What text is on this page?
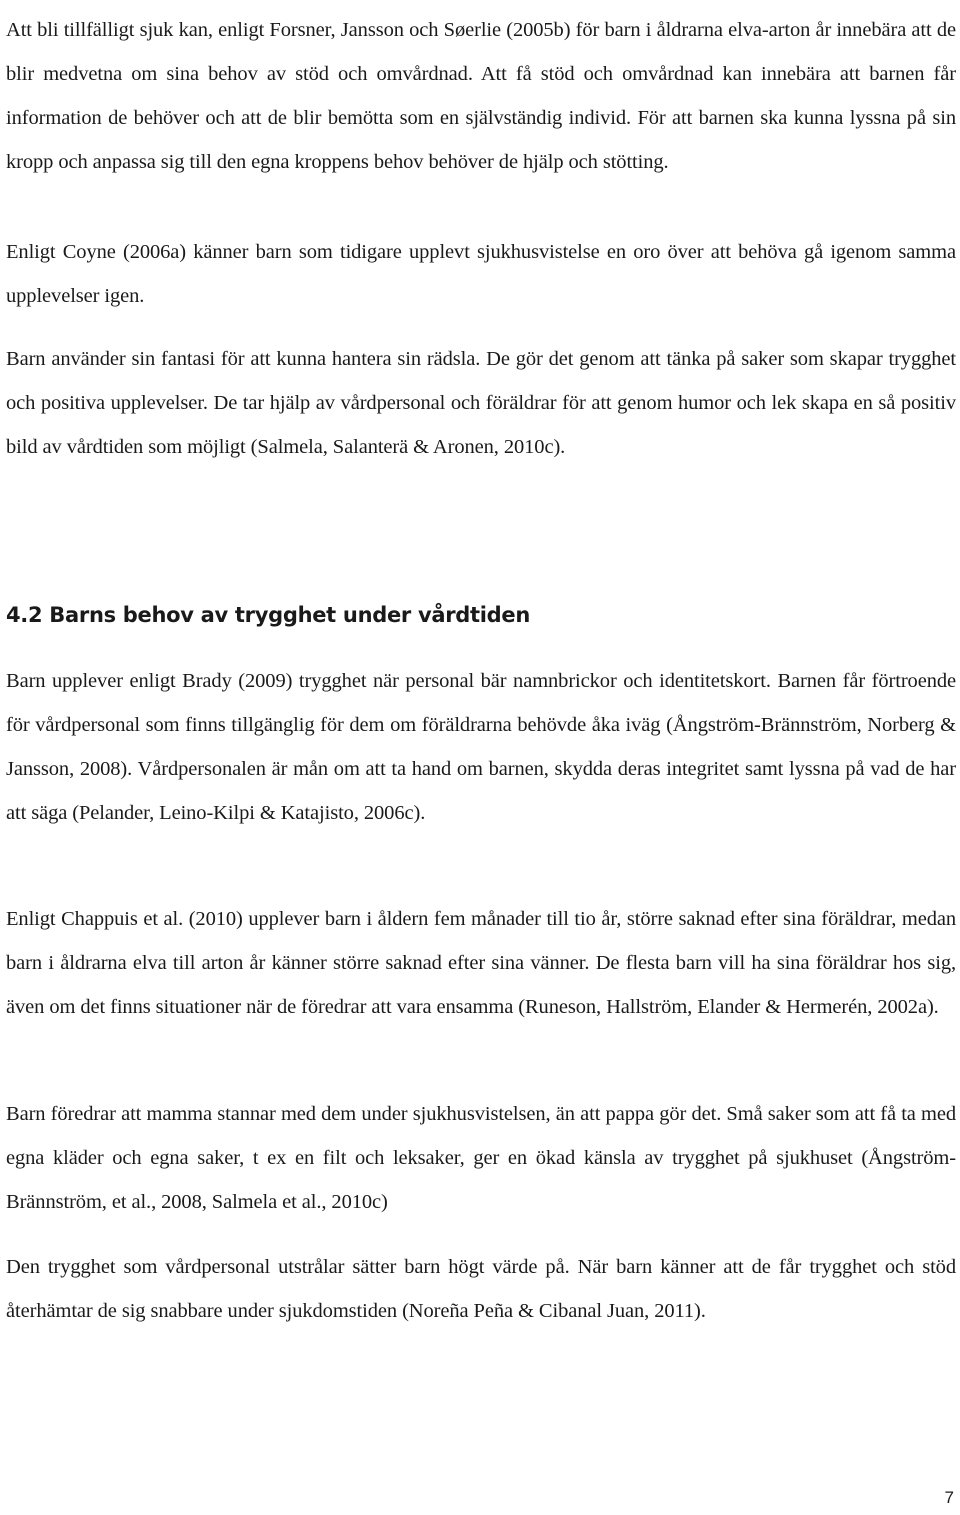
Att bli tillfälligt sjuk kan, enligt Forsner, Jansson och Søerlie (2005b) för barn i åldrarna elva-arton år innebära att de blir medvetna om sina behov av stöd och omvårdnad. Att få stöd och omvårdnad kan innebära att barnen får information de behöver och att de blir bemötta som en självständig individ. För att barnen ska kunna lyssna på sin kropp och anpassa sig till den egna kroppens behov behöver de hjälp och stötting.

Enligt Coyne (2006a) känner barn som tidigare upplevt sjukhusvistelse en oro över att behöva gå igenom samma upplevelser igen.

Barn använder sin fantasi för att kunna hantera sin rädsla. De gör det genom att tänka på saker som skapar trygghet och positiva upplevelser. De tar hjälp av vårdpersonal och föräldrar för att genom humor och lek skapa en så positiv bild av vårdtiden som möjligt (Salmela, Salanterä & Aronen, 2010c).

4.2 Barns behov av trygghet under vårdtiden

Barn upplever enligt Brady (2009) trygghet när personal bär namnbrickor och identitetskort. Barnen får förtroende för vårdpersonal som finns tillgänglig för dem om föräldrarna behövde åka iväg (Ångström-Brännström, Norberg & Jansson, 2008). Vårdpersonalen är mån om att ta hand om barnen, skydda deras integritet samt lyssna på vad de har att säga (Pelander, Leino-Kilpi & Katajisto, 2006c).

Enligt Chappuis et al. (2010) upplever barn i åldern fem månader till tio år, större saknad efter sina föräldrar, medan barn i åldrarna elva till arton år känner större saknad efter sina vänner. De flesta barn vill ha sina föräldrar hos sig, även om det finns situationer när de föredrar att vara ensamma (Runeson, Hallström, Elander & Hermerén, 2002a).

Barn föredrar att mamma stannar med dem under sjukhusvistelsen, än att pappa gör det. Små saker som att få ta med egna kläder och egna saker, t ex en filt och leksaker, ger en ökad känsla av trygghet på sjukhuset (Ångström-Brännström, et al., 2008, Salmela et al., 2010c)

Den trygghet som vårdpersonal utstrålar sätter barn högt värde på. När barn känner att de får trygghet och stöd återhämtar de sig snabbare under sjukdomstiden (Noreña Peña & Cibanal Juan, 2011).

7
